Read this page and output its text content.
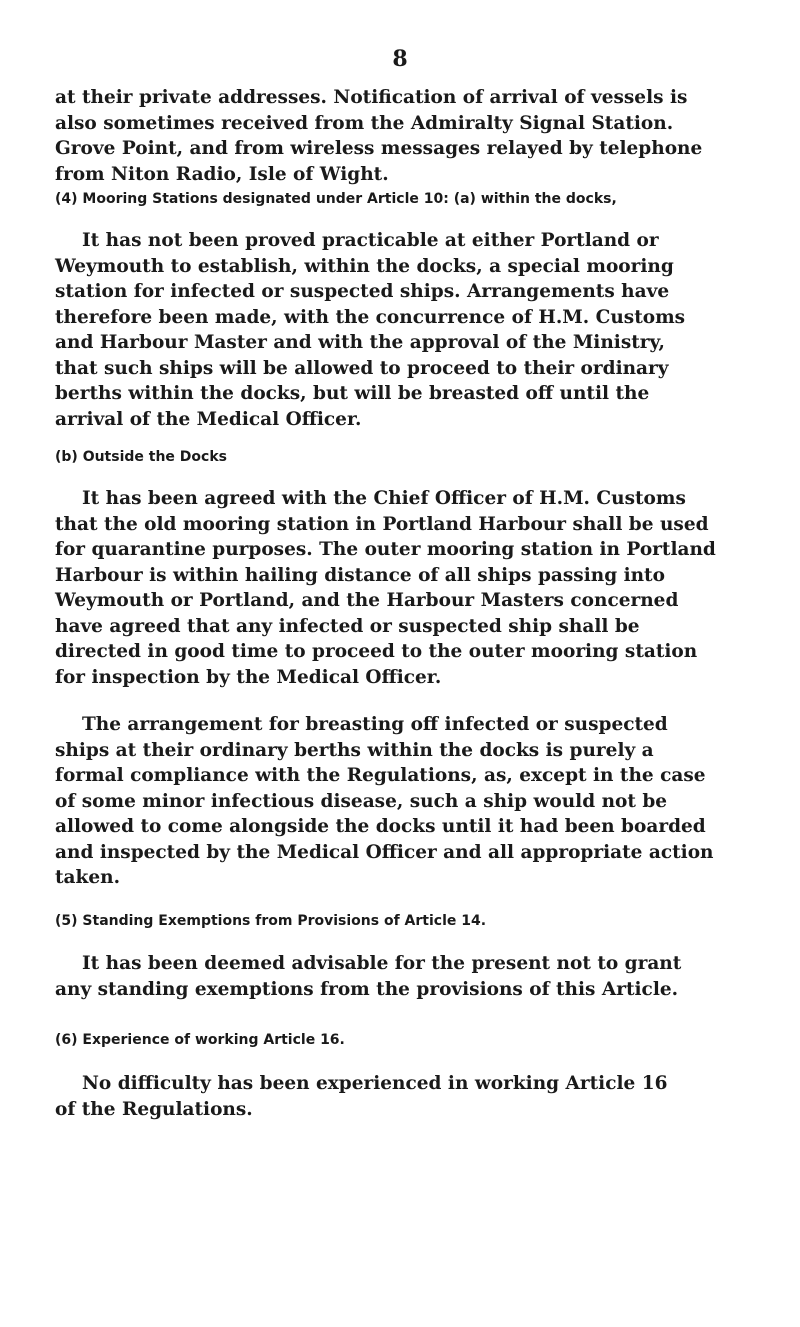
8
at their private addresses. Notification of arrival of vessels is
also sometimes received from the Admiralty Signal Station.
Grove Point, and from wireless messages relayed by telephone
from Niton Radio, Isle of Wight.
(4) Mooring Stations designated under Article 10: (a) within the docks,
It has not been proved practicable at either Portland or
Weymouth to establish, within the docks, a special mooring
station for infected or suspected ships. Arrangements have
therefore been made, with the concurrence of H.M. Customs
and Harbour Master and with the approval of the Ministry,
that such ships will be allowed to proceed to their ordinary
berths within the docks, but will be breasted off until the
arrival of the Medical Officer.
(b) Outside the Docks
It has been agreed with the Chief Officer of H.M. Customs
that the old mooring station in Portland Harbour shall be used
for quarantine purposes. The outer mooring station in Portland
Harbour is within hailing distance of all ships passing into
Weymouth or Portland, and the Harbour Masters concerned
have agreed that any infected or suspected ship shall be
directed in good time to proceed to the outer mooring station
for inspection by the Medical Officer.
The arrangement for breasting off infected or suspected
ships at their ordinary berths within the docks is purely a
formal compliance with the Regulations, as, except in the case
of some minor infectious disease, such a ship would not be
allowed to come alongside the docks until it had been boarded
and inspected by the Medical Officer and all appropriate action
taken.
(5) Standing Exemptions from Provisions of Article 14.
It has been deemed advisable for the present not to grant
any standing exemptions from the provisions of this Article.
(6) Experience of working Article 16.
No difficulty has been experienced in working Article 16
of the Regulations.
